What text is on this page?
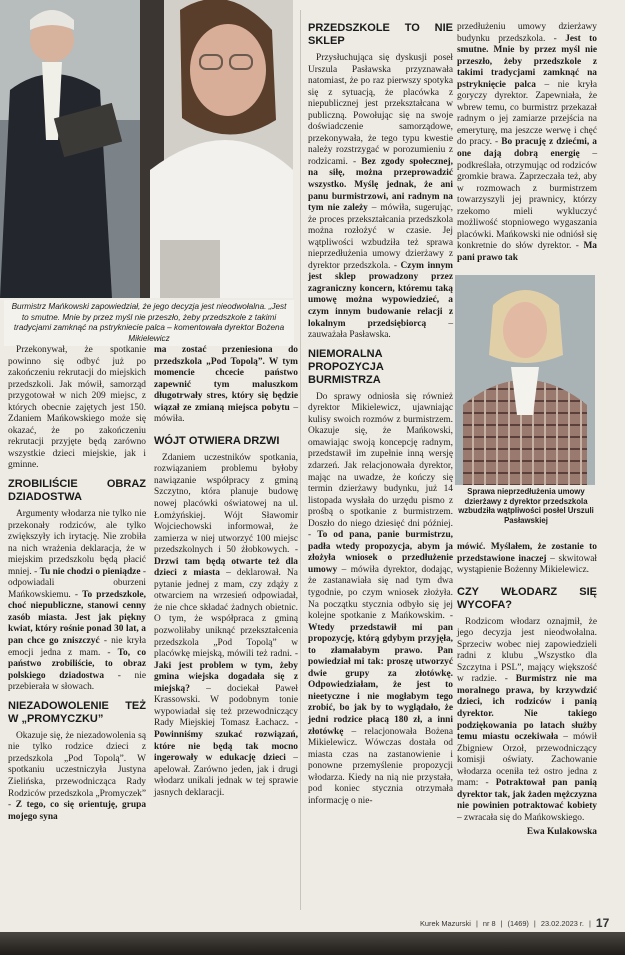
Burmistrz Mańkowski zapowiedział, że jego decyzja jest nieodwołalna. „Jest to smutne. Mnie by przez myśl nie przeszło, żeby przedszkole z takimi tradycjami zamknąć na pstrykniecie palca – komentowała dyrektor Bożena Mikielewicz
Sprawa nieprzedłużenia umowy dzierżawy z dyrektor przedszkola wzbudziła wątpliwości posłel Urszuli Pasławskiej

Przekonywał, że spotkanie powinno się odbyć już po zakończeniu rekrutacji do miejskich przedszkoli. Jak mówił, samorząd przygotował w nich 209 miejsc, z których obecnie zajętych jest 150. Zdaniem Mańkowskiego może się okazać, że po zakończeniu rekrutacji przyjęte będą zarówno wszystkie dzieci miejskie, jak i gminne.

ZROBILIŚCIE OBRAZ DZIADOSTWA

Argumenty włodarza nie tylko nie przekonały rodziców, ale tylko zwiększyły ich irytację. Nie zrobiła na nich wrażenia deklaracja, że w miejskim przedszkolu będą płacić mniej. - Tu nie chodzi o pieniądze - odpowiadali oburzeni Mańkowskiemu. - To przedszkole, choć niepubliczne, stanowi cenny zasób miasta. Jest jak piękny kwiat, który rośnie ponad 30 lat, a pan chce go zniszczyć - nie kryła emocji jedna z mam. - To, co państwo zrobiliście, to obraz polskiego dziadostwa - nie przebierała w słowach.

NIEZADOWOLENIE TEŻ W „PROMYCZKU”

Okazuje się, że niezadowolenia są nie tylko rodzice dzieci z przedszkola „Pod Topolą”. W spotkaniu uczestniczyła Justyna Zielińska, przewodnicząca Rady Rodziców przedszkola „Promyczek” - Z tego, co się orientuję, grupa mojego syna

ma zostać przeniesiona do przedszkola „Pod Topolą”. W tym momencie chcecie państwo zapewnić tym maluszkom długotrwały stres, który się będzie wiązał ze zmianą miejsca pobytu – mówiła.

WÓJT OTWIERA DRZWI

Zdaniem uczestników spotkania, rozwiązaniem problemu byłoby nawiązanie współpracy z gminą Szczytno, która planuje budowę nowej placówki oświatowej na ul. Łomżyńskiej. Wójt Sławomir Wojciechowski informował, że zamierza w niej utworzyć 100 miejsc przedszkolnych i 50 żłobkowych. - Drzwi tam będą otwarte też dla dzieci z miasta – deklarował. Na pytanie jednej z mam, czy zdąży z otwarciem na wrzesień odpowiadał, że nie chce składać żadnych obietnic. O tym, że współpraca z gminą pozwoliłaby uniknąć przekształcenia przedszkola „Pod Topolą” w placówkę miejską, mówili też radni. - Jaki jest problem w tym, żeby gmina wiejska dogadała się z miejską? – dociekał Paweł Krassowski. W podobnym tonie wypowiadał się też przewodniczący Rady Miejskiej Tomasz Łachacz. - Powinniśmy szukać rozwiązań, które nie będą tak mocno ingerowały w edukację dzieci – apelował. Zarówno jeden, jak i drugi włodarz unikali jednak w tej sprawie jasnych deklaracji.

PRZEDSZKOLE TO NIE SKLEP

Przysłuchująca się dyskusji poseł Urszula Pasławska przyznawała natomiast, że po raz pierwszy spotyka się z sytuacją, że placówka z niepublicznej jest przekształcana w publiczną. Powołując się na swoje doświadczenie samorządowe, przekonywała, że tego typu kwestie należy rozstrzygać w porozumieniu z rodzicami. - Bez zgody społecznej, na siłę, można przeprowadzić wszystko. Myślę jednak, że ani panu burmistrzowi, ani radnym na tym nie zależy – mówiła, sugerując, że proces przekształcania przedszkola można rozłożyć w czasie. Jej wątpliwości wzbudziła też sprawa nieprzedłużenia umowy dzierżawy z dyrektor przedszkola. - Czym innym jest sklep prowadzony przez zagraniczny koncern, któremu taką umowę można wypowiedzieć, a czym innym budowanie relacji z lokalnym przedsiębiorcą – zauważała Pasławska.

NIEMORALNA PROPOZYCJA BURMISTRZA

Do sprawy odniosła się również dyrektor Mikielewicz, ujawniając kulisy swoich rozmów z burmistrzem. Okazuje się, że Mańkowski, omawiając swoją koncepcję radnym, przedstawił im zupełnie inną wersję zdarzeń. Jak relacjonowała dyrektor, mając na uwadze, że kończy się termin dzierżawy budynku, już 14 listopada wysłała do urzędu pismo z prośbą o spotkanie z burmistrzem. Doszło do niego dziesięć dni później. - To od pana, panie burmistrzu, padła wtedy propozycja, abym ja złożyła wniosek o przedłużenie umowy – mówiła dyrektor, dodając, że zastanawiała się nad tym dwa tygodnie, po czym wniosek złożyła. Na początku stycznia odbyło się jej kolejne spotkanie z Mańkowskim. - Wtedy przedstawił mi pan propozycję, którą gdybym przyjęła, to złamałabym prawo. Pan powiedział mi tak: proszę utworzyć dwie grupy za złotówkę. Odpowiedziałam, że jest to nieetyczne i nie mogłabym tego zrobić, bo jak by to wyglądało, że jedni rodzice płacą 180 zł, a inni złotówkę – relacjonowała Bożena Mikielewicz. Wówczas dostała od miasta czas na zastanowienie i ponowne przemyślenie propozycji włodarza. Kiedy na nią nie przystała, pod koniec stycznia otrzymała informację o nie-

przedłużeniu umowy dzierżawy budynku przedszkola. - Jest to smutne. Mnie by przez myśl nie przeszło, żeby przedszkole z takimi tradycjami zamknąć na pstryknięcie palca – nie kryła goryczy dyrektor. Zapewniała, że wbrew temu, co burmistrz przekazał radnym o jej zamiarze przejścia na emeryturę, ma jeszcze werwę i chęć do pracy. - Bo pracuję z dziećmi, a one dają dobrą energię – podkreślała, otrzymując od rodziców gromkie brawa. Zaprzeczała też, aby w rozmowach z burmistrzem towarzyszyli jej prawnicy, którzy rzekomo mieli wykluczyć możliwość stopniowego wygaszania placówki. Mańkowski nie odniósł się konkretnie do słów dyrektor. - Ma pani prawo tak

mówić. Myślałem, że zostanie to przedstawione inaczej – skwitował wystąpienie Bożenny Mikielewicz.

CZY WŁODARZ SIĘ WYCOFA?

Rodzicom włodarz oznajmił, że jego decyzja jest nieodwołalna. Sprzeciw wobec niej zapowiedzieli radni z klubu „Wszystko dla Szczytna i PSL”, mający większość w radzie. - Burmistrz nie ma moralnego prawa, by krzywdzić dzieci, ich rodziców i panią dyrektor. Nie takiego podziękowania po latach służby temu miastu oczekiwała – mówił Zbigniew Orzoł, przewodniczący komisji oświaty. Zachowanie włodarza oceniła też ostro jedna z mam: - Potraktował pan panią dyrektor tak, jak żaden mężczyzna nie powinien potraktować kobiety – zwracała się do Mańkowskiego.

Ewa Kulakowska
Kurek Mazurski | nr 8 | (1469) | 23.02.2023 r. | 17
